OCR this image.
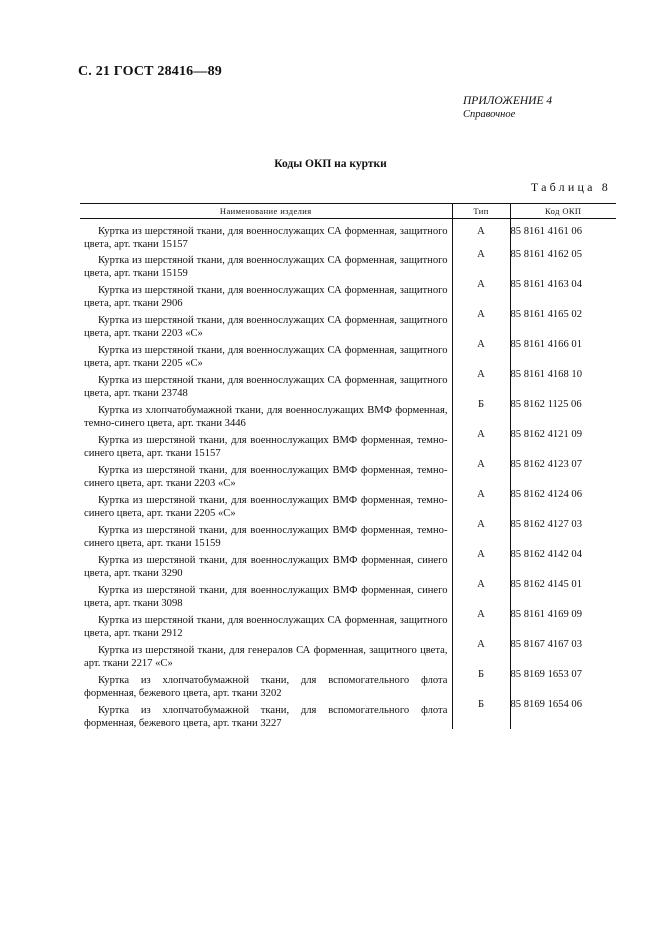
С. 21 ГОСТ 28416—89
ПРИЛОЖЕНИЕ 4
Справочное
Коды ОКП на куртки
Таблица 8
Наименование изделия	Тип	Код ОКП

Куртка из шерстяной ткани, для военнослужащих СА форменная, защитного цвета, арт. ткани 15157	А	85 8161 4161 06

Куртка из шерстяной ткани, для военнослужащих СА форменная, защитного цвета, арт. ткани 15159	А	85 8161 4162 05

Куртка из шерстяной ткани, для военнослужащих СА форменная, защитного цвета, арт. ткани 2906	А	85 8161 4163 04

Куртка из шерстяной ткани, для военнослужащих СА форменная, защитного цвета, арт. ткани 2203 «С»	А	85 8161 4165 02

Куртка из шерстяной ткани, для военнослужащих СА форменная, защитного цвета, арт. ткани 2205 «С»	А	85 8161 4166 01

Куртка из шерстяной ткани, для военнослужащих СА форменная, защитного цвета, арт. ткани 23748	А	85 8161 4168 10

Куртка из хлопчатобумажной ткани, для военнослужащих ВМФ форменная, темно-синего цвета, арт. ткани 3446	Б	85 8162 1125 06

Куртка из шерстяной ткани, для военнослужащих ВМФ форменная, темно-синего цвета, арт. ткани 15157	А	85 8162 4121 09

Куртка из шерстяной ткани, для военнослужащих ВМФ форменная, темно-синего цвета, арт. ткани 2203 «С»	А	85 8162 4123 07

Куртка из шерстяной ткани, для военнослужащих ВМФ форменная, темно-синего цвета, арт. ткани 2205 «С»	А	85 8162 4124 06

Куртка из шерстяной ткани, для военнослужащих ВМФ форменная, темно-синего цвета, арт. ткани 15159	А	85 8162 4127 03

Куртка из шерстяной ткани, для военнослужащих ВМФ форменная, синего цвета, арт. ткани 3290	А	85 8162 4142 04

Куртка из шерстяной ткани, для военнослужащих ВМФ форменная, синего цвета, арт. ткани 3098	А	85 8162 4145 01

Куртка из шерстяной ткани, для военнослужащих СА форменная, защитного цвета, арт. ткани 2912	А	85 8161 4169 09

Куртка из шерстяной ткани, для генералов СА форменная, защитного цвета, арт. ткани 2217 «С»	А	85 8167 4167 03

Куртка из хлопчатобумажной ткани, для вспомогательного флота форменная, бежевого цвета, арт. ткани 3202	Б	85 8169 1653 07

Куртка из хлопчатобумажной ткани, для вспомогательного флота форменная, бежевого цвета, арт. ткани 3227	Б	85 8169 1654 06
